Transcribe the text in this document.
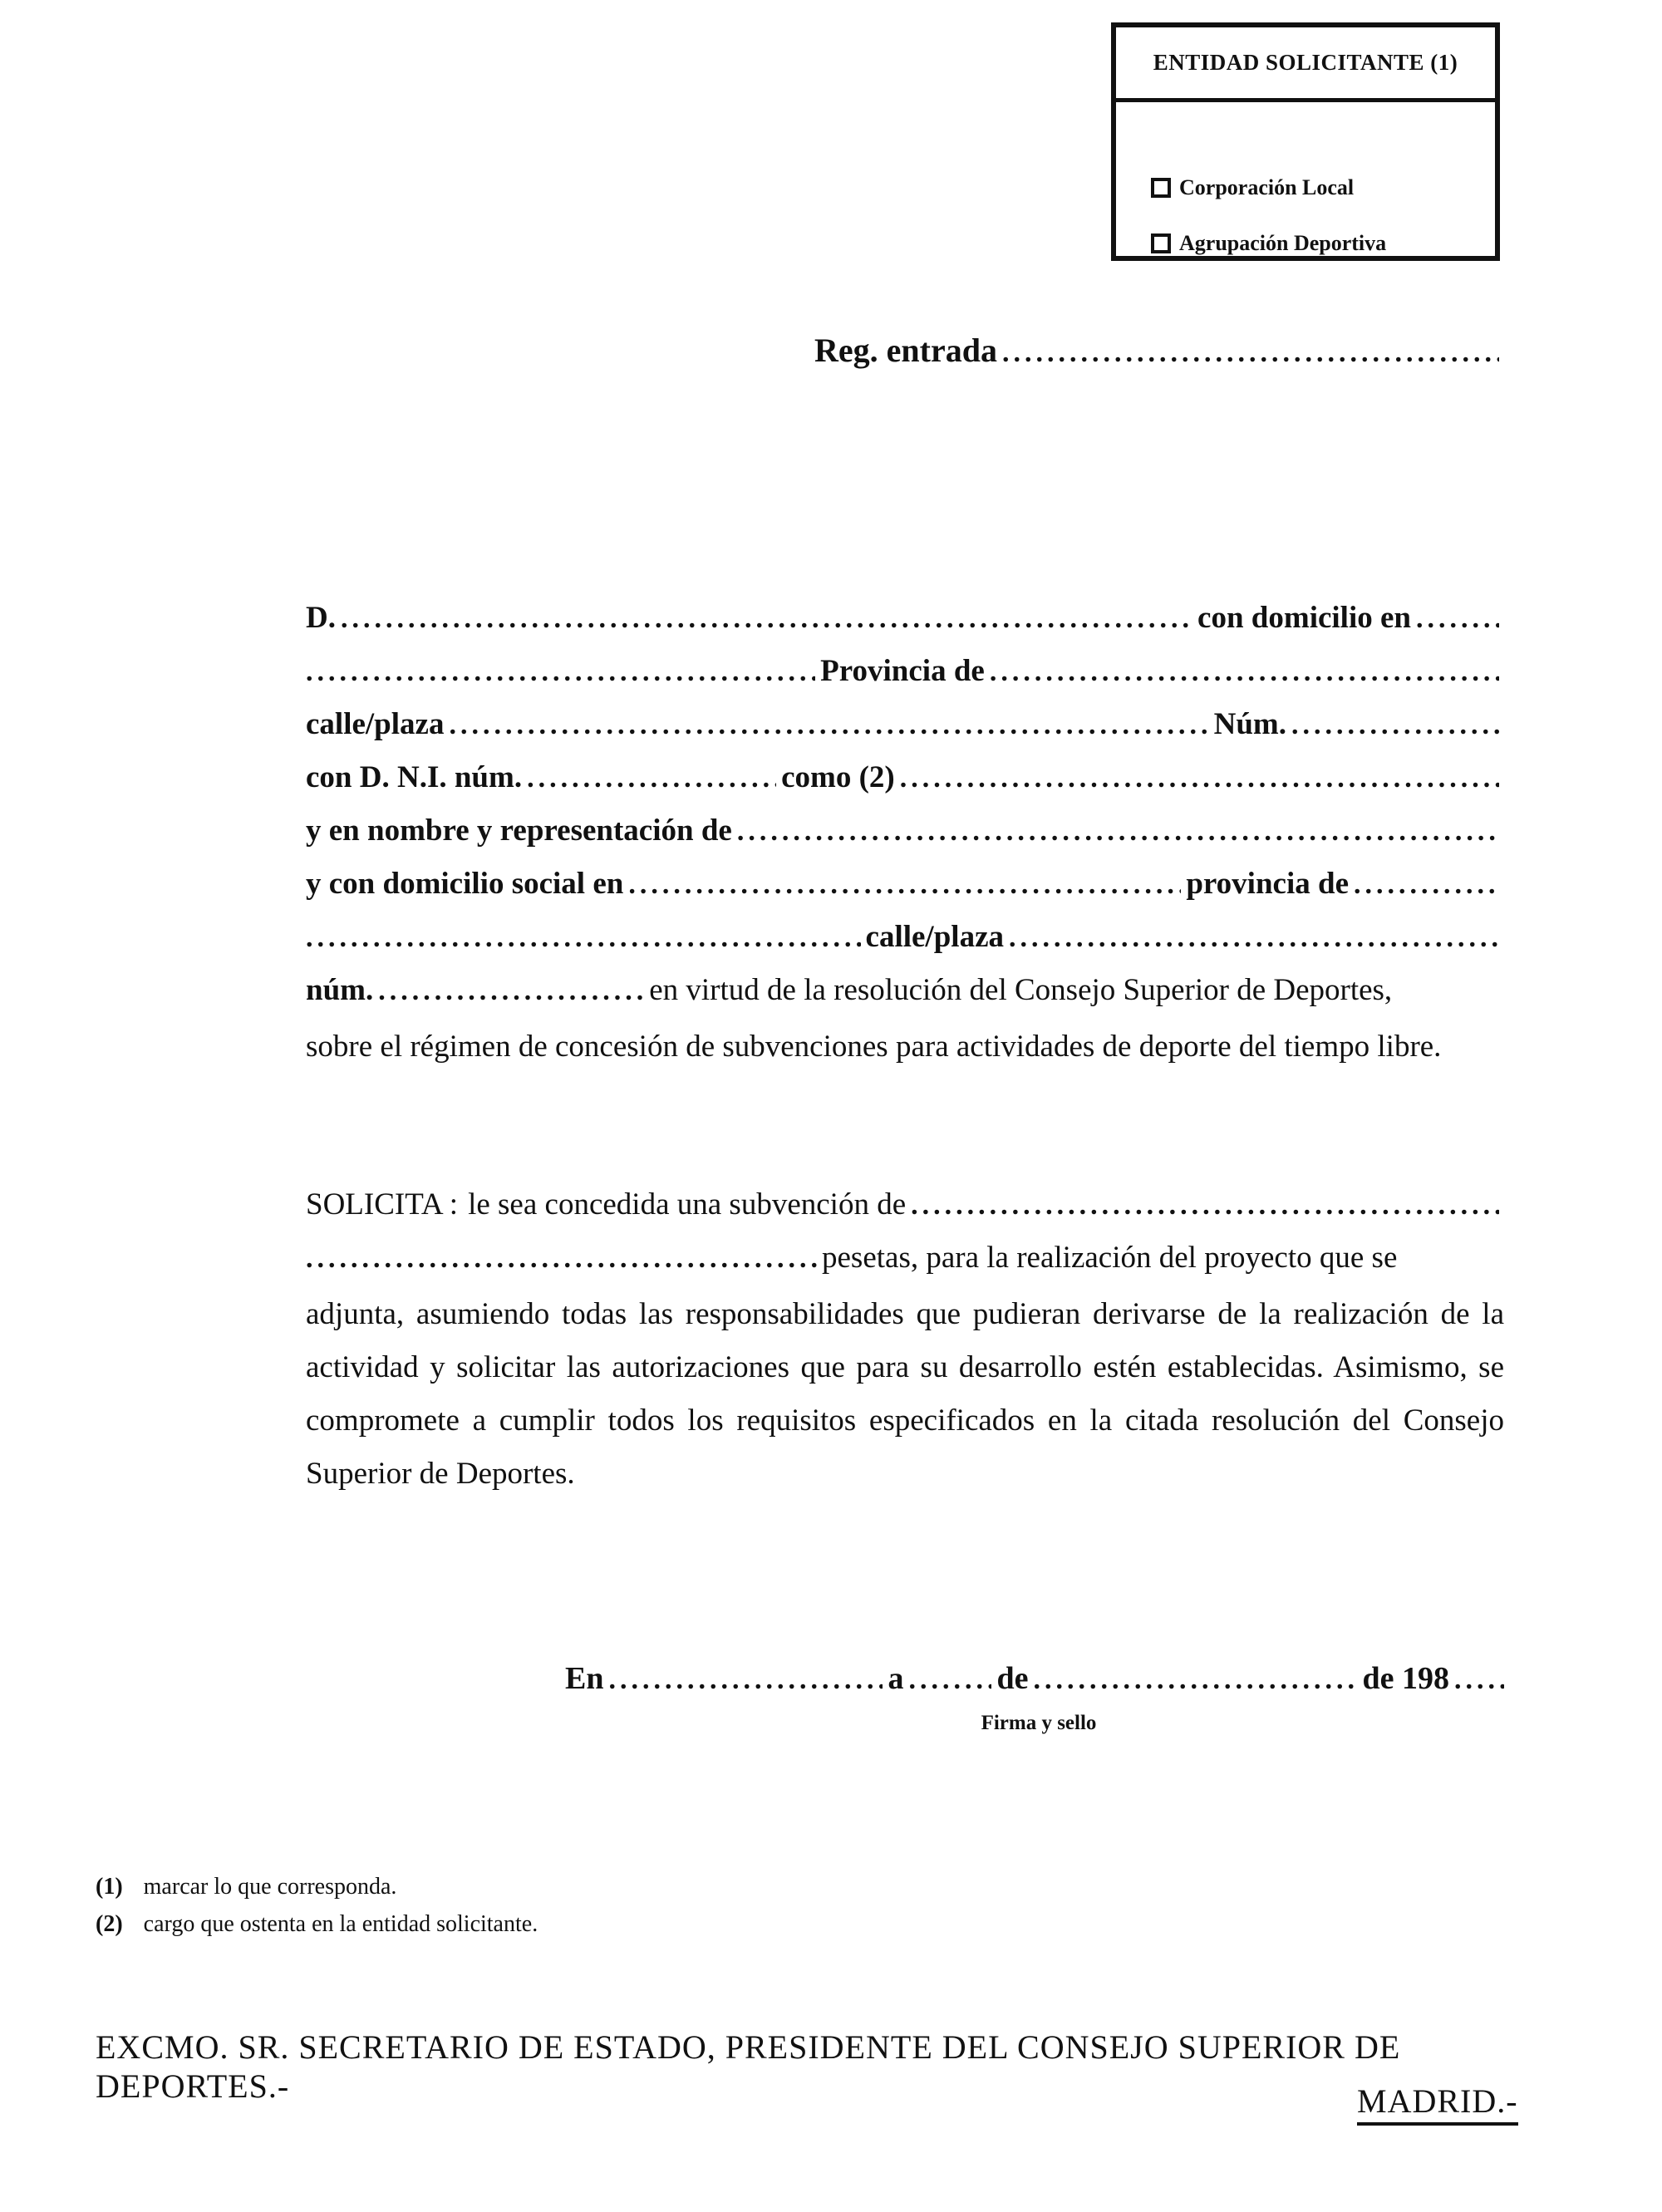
ENTIDAD SOLICITANTE (1)
Corporación Local
Agrupación Deportiva
Reg. entrada
.....
D. .....	con domicilio en
.....
.....
Provincia de
.....
calle/plaza .....	Núm.
.....
con D. N.I. núm. .....	como (2)
.....
y en nombre y representación de
.....
y con domicilio social en .....	provincia de
.....
.....
calle/plaza
.....
núm. .....	en virtud de la resolución del Consejo Superior de Deportes,
sobre el régimen de concesión de subvenciones para actividades de deporte del tiempo libre.
SOLICITA : le sea concedida una subvención de
.....
.....
pesetas, para la realización del proyecto que se
adjunta, asumiendo todas las responsabilidades que pudieran derivarse de la realización de la actividad y solicitar las autorizaciones que para su desarrollo estén establecidas. Asimismo, se compromete a cumplir todos los requisitos especificados en la citada resolución del Consejo Superior de Deportes.
En .....	a .....	de .....	de 198
.....
Firma y sello
(1) marcar lo que corresponda.
(2) cargo que ostenta en la entidad solicitante.
EXCMO. SR. SECRETARIO DE ESTADO, PRESIDENTE DEL CONSEJO SUPERIOR DE DEPORTES.-	MADRID.-
